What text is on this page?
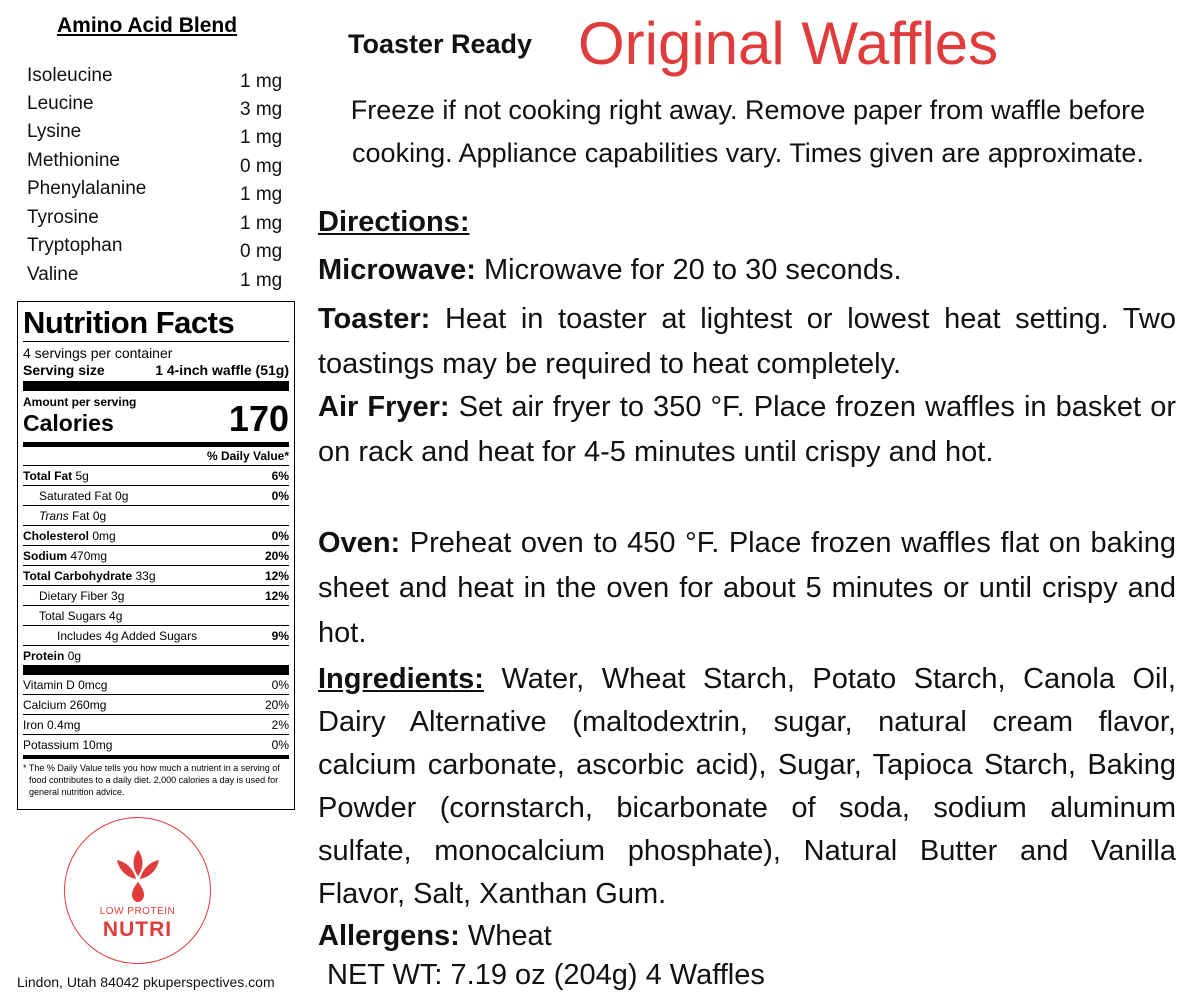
Amino Acid Blend
Isoleucine	1 mg
Leucine	3 mg
Lysine	1 mg
Methionine	0 mg
Phenylalanine	1 mg
Tyrosine	1 mg
Tryptophan	0 mg
Valine	1 mg
Nutrition Facts
4 servings per container
Serving size	1 4-inch waffle (51g)
Amount per serving
Calories	170
% Daily Value*
Total Fat 5g	6%
Saturated Fat 0g	0%
Trans Fat 0g
Cholesterol 0mg	0%
Sodium 470mg	20%
Total Carbohydrate 33g	12%
Dietary Fiber 3g	12%
Total Sugars 4g
Includes 4g Added Sugars	9%
Protein 0g
Vitamin D 0mcg	0%
Calcium 260mg	20%
Iron 0.4mg	2%
Potassium 10mg	0%
* The % Daily Value tells you how much a nutrient in a serving of food contributes to a daily diet. 2,000 calories a day is used for general nutrition advice.
LOW PROTEIN
NUTRI
Lindon, Utah 84042 pkuperspectives.com
Toaster Ready Original Waffles
Freeze if not cooking right away. Remove paper from waffle before cooking. Appliance capabilities vary. Times given are approximate.
Directions:
Microwave: Microwave for 20 to 30 seconds.
Toaster: Heat in toaster at lightest or lowest heat setting. Two toastings may be required to heat completely.
Air Fryer: Set air fryer to 350 °F. Place frozen waffles in basket or on rack and heat for 4-5 minutes until crispy and hot.
Oven: Preheat oven to 450 °F. Place frozen waffles flat on baking sheet and heat in the oven for about 5 minutes or until crispy and hot.
Ingredients: Water, Wheat Starch, Potato Starch, Canola Oil, Dairy Alternative (maltodextrin, sugar, natural cream flavor, calcium carbonate, ascorbic acid), Sugar, Tapioca Starch, Baking Powder (cornstarch, bicarbonate of soda, sodium aluminum sulfate, monocalcium phosphate), Natural Butter and Vanilla Flavor, Salt, Xanthan Gum.
Allergens: Wheat
NET WT: 7.19 oz (204g) 4 Waffles
